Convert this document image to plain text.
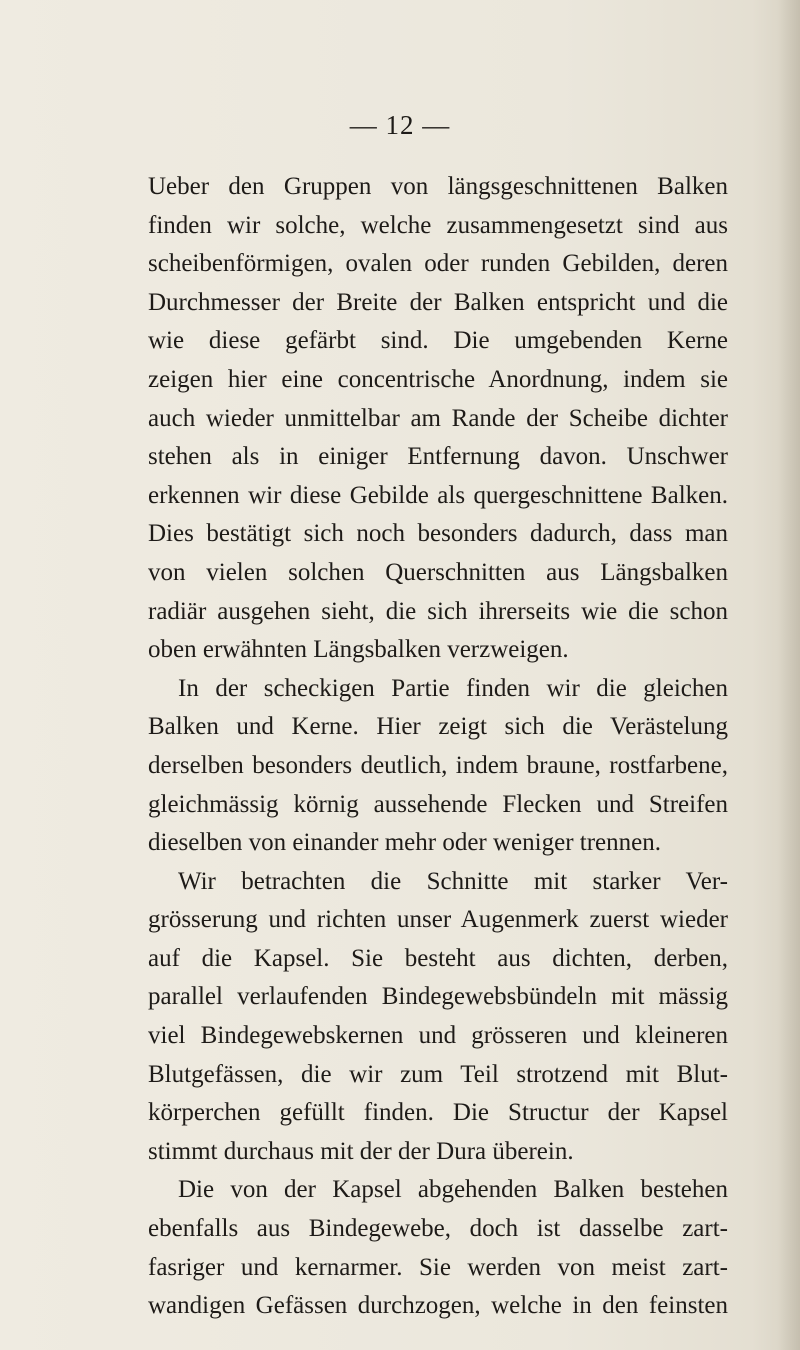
— 12 —

Ueber den Gruppen von längsgeschnittenen Balken
finden wir solche, welche zusammengesetzt sind aus
scheibenförmigen, ovalen oder runden Gebilden, deren
Durchmesser der Breite der Balken entspricht und die
wie diese gefärbt sind. Die umgebenden Kerne
zeigen hier eine concentrische Anordnung, indem sie
auch wieder unmittelbar am Rande der Scheibe dichter
stehen als in einiger Entfernung davon. Unschwer
erkennen wir diese Gebilde als quergeschnittene Balken.
Dies bestätigt sich noch besonders dadurch, dass man
von vielen solchen Querschnitten aus Längsbalken
radiär ausgehen sieht, die sich ihrerseits wie die schon
oben erwähnten Längsbalken verzweigen.

In der scheckigen Partie finden wir die gleichen
Balken und Kerne. Hier zeigt sich die Verästelung
derselben besonders deutlich, indem braune, rostfarbene,
gleichmässig körnig aussehende Flecken und Streifen
dieselben von einander mehr oder weniger trennen.

Wir betrachten die Schnitte mit starker Ver-
grösserung und richten unser Augenmerk zuerst wieder
auf die Kapsel. Sie besteht aus dichten, derben,
parallel verlaufenden Bindegewebsbündeln mit mässig
viel Bindegewebskernen und grösseren und kleineren
Blutgefässen, die wir zum Teil strotzend mit Blut-
körperchen gefüllt finden. Die Structur der Kapsel
stimmt durchaus mit der der Dura überein.

Die von der Kapsel abgehenden Balken bestehen
ebenfalls aus Bindegewebe, doch ist dasselbe zart-
fasriger und kernarmer. Sie werden von meist zart-
wandigen Gefässen durchzogen, welche in den feinsten
